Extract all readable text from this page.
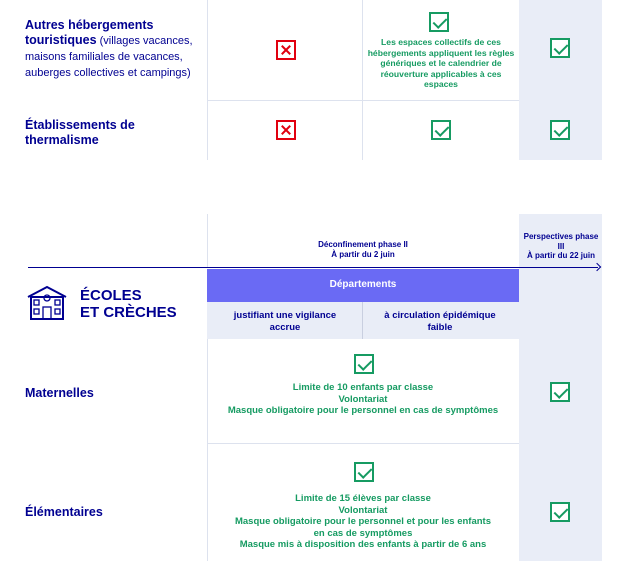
Autres hébergements touristiques (villages vacances, maisons familiales de vacances, auberges collectives et campings)
Les espaces collectifs de ces hébergements appliquent les règles génériques et le calendrier de réouverture applicables à ces espaces
Établissements de thermalisme
Déconfinement phase II
À partir du 2 juin
Perspectives phase III
À partir du 22 juin
Départements
justifiant une vigilance accrue
à circulation épidémique faible
ÉCOLES
ET CRÈCHES
Maternelles	Limite de 10 enfants par classe
Volontariat
Masque obligatoire pour le personnel en cas de symptômes
Élémentaires
Limite de 15 élèves par classe
Volontariat
Masque obligatoire pour le personnel et pour les enfants
en cas de symptômes
Masque mis à disposition des enfants à partir de 6 ans
